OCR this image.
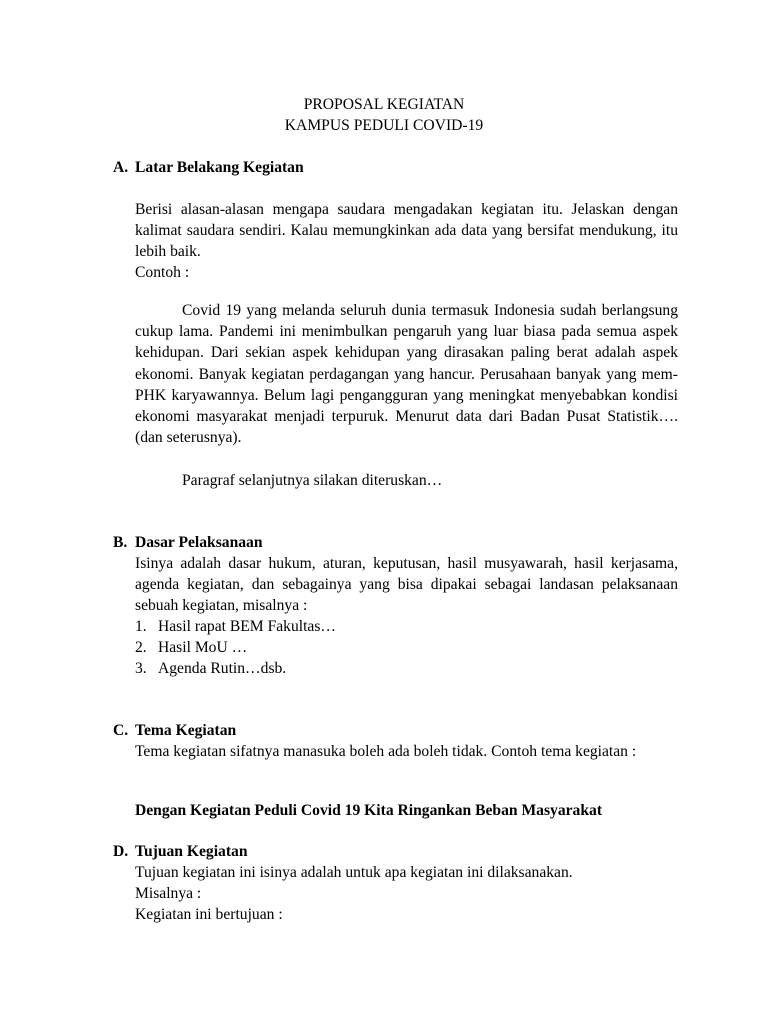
PROPOSAL KEGIATAN
KAMPUS PEDULI COVID-19
A. Latar Belakang Kegiatan
Berisi alasan-alasan mengapa saudara mengadakan kegiatan itu. Jelaskan dengan kalimat saudara sendiri. Kalau memungkinkan ada data yang bersifat mendukung, itu lebih baik.
Contoh :
Covid 19 yang melanda seluruh dunia termasuk Indonesia sudah berlangsung cukup lama. Pandemi ini menimbulkan pengaruh yang luar biasa pada semua aspek kehidupan. Dari sekian aspek kehidupan yang dirasakan paling berat adalah aspek ekonomi. Banyak kegiatan perdagangan yang hancur. Perusahaan banyak yang mem-PHK karyawannya. Belum lagi pengangguran yang meningkat menyebabkan kondisi ekonomi masyarakat menjadi terpuruk. Menurut data dari Badan Pusat Statistik….(dan seterusnya).
Paragraf selanjutnya silakan diteruskan…
B. Dasar Pelaksanaan
Isinya adalah dasar hukum, aturan, keputusan, hasil musyawarah, hasil kerjasama, agenda kegiatan, dan sebagainya yang bisa dipakai sebagai landasan pelaksanaan sebuah kegiatan, misalnya :
1. Hasil rapat BEM Fakultas…
2. Hasil MoU …
3. Agenda Rutin…dsb.
C. Tema Kegiatan
Tema kegiatan sifatnya manasuka boleh ada boleh tidak. Contoh tema kegiatan :
Dengan Kegiatan Peduli Covid 19 Kita Ringankan Beban Masyarakat
D. Tujuan Kegiatan
Tujuan kegiatan ini isinya adalah untuk apa kegiatan ini dilaksanakan.
Misalnya :
Kegiatan ini bertujuan :
